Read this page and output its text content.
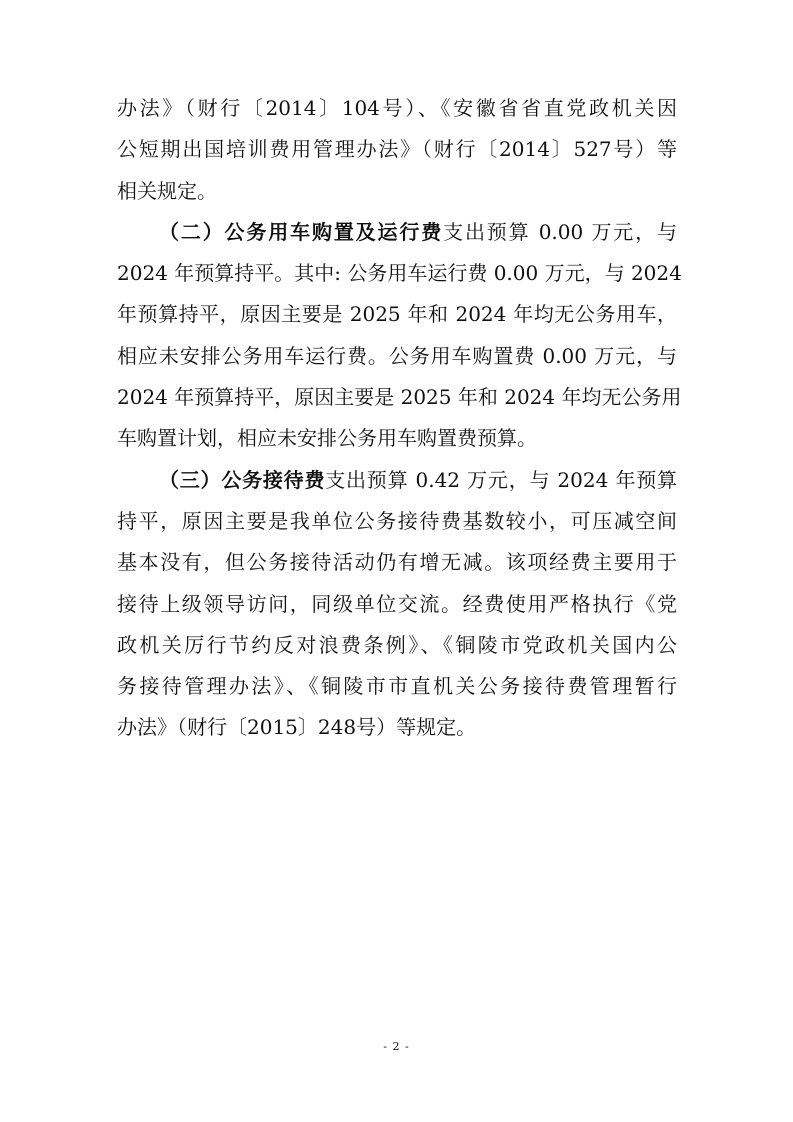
办法》（财行〔2014〕104号）、《安徽省省直党政机关因
公短期出国培训费用管理办法》（财行〔2014〕527号）等
相关规定。
（二）公务用车购置及运行费支出预算 0.00 万元，与
2024 年预算持平。其中: 公务用车运行费 0.00 万元，与 2024
年预算持平，原因主要是 2025 年和 2024 年均无公务用车，
相应未安排公务用车运行费。公务用车购置费 0.00 万元，与
2024 年预算持平，原因主要是 2025 年和 2024 年均无公务用
车购置计划，相应未安排公务用车购置费预算。
（三）公务接待费支出预算 0.42 万元，与 2024 年预算
持平，原因主要是我单位公务接待费基数较小，可压减空间
基本没有，但公务接待活动仍有增无减。该项经费主要用于
接待上级领导访问，同级单位交流。经费使用严格执行《党
政机关厉行节约反对浪费条例》、《铜陵市党政机关国内公
务接待管理办法》、《铜陵市市直机关公务接待费管理暂行
办法》（财行〔2015〕248号）等规定。
- 2 -
